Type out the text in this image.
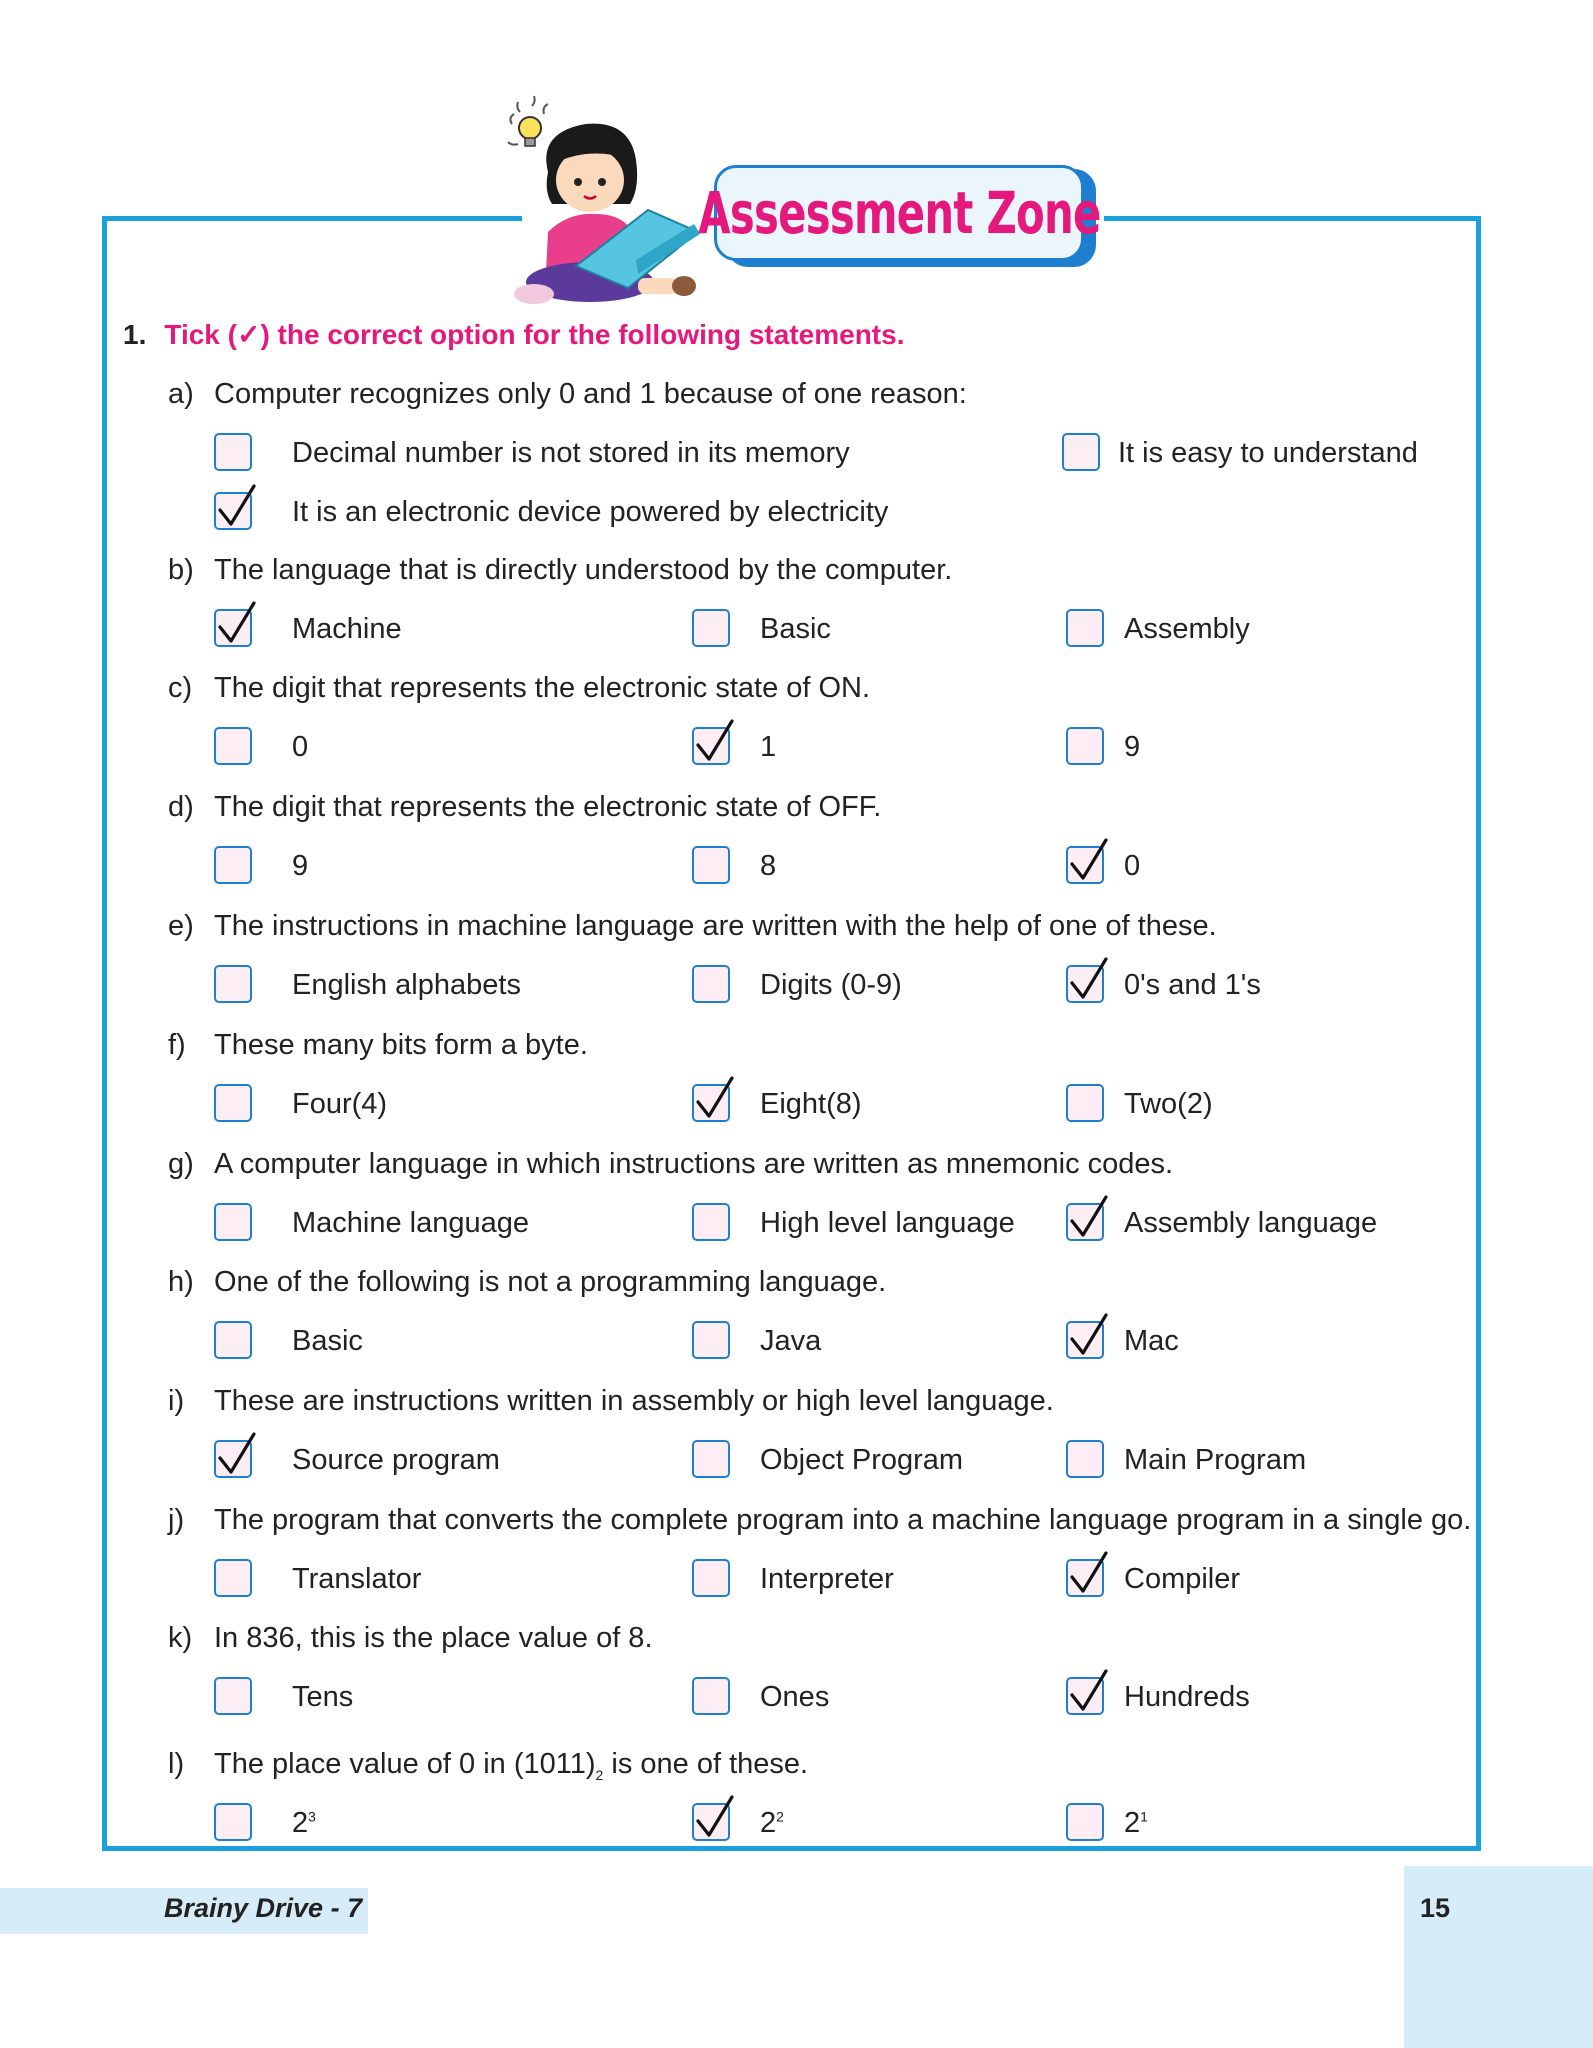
Assessment Zone
1. Tick (✓) the correct option for the following statements.
a) Computer recognizes only 0 and 1 because of one reason:
Decimal number is not stored in its memory	It is easy to understand
It is an electronic device powered by electricity
b) The language that is directly understood by the computer.
Machine	Basic	Assembly
c) The digit that represents the electronic state of ON.
0	1	9
d) The digit that represents the electronic state of OFF.
9	8	0
e) The instructions in machine language are written with the help of one of these.
English alphabets	Digits (0-9)	0's and 1's
f) These many bits form a byte.
Four(4)	Eight(8)	Two(2)
g) A computer language in which instructions are written as mnemonic codes.
Machine language	High level language	Assembly language
h) One of the following is not a programming language.
Basic	Java	Mac
i) These are instructions written in assembly or high level language.
Source program	Object Program	Main Program
j) The program that converts the complete program into a machine language program in a single go.
Translator	Interpreter	Compiler
k) In 836, this is the place value of 8.
Tens	Ones	Hundreds
l) The place value of 0 in $(1011)_2$ is one of these.
$2^3$	$2^2$	$2^1$
Brainy Drive - 7	15
